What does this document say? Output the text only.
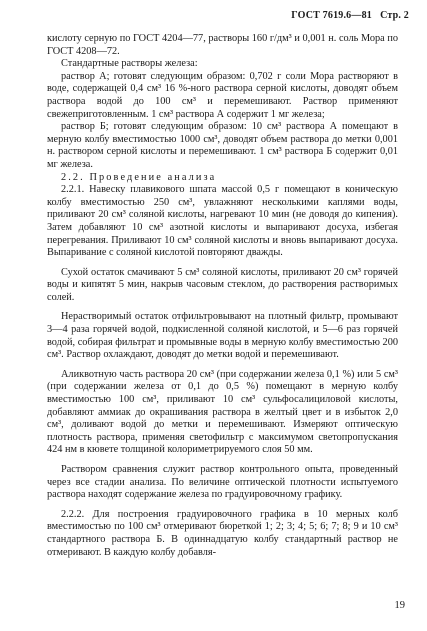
ГОСТ 7619.6—81 Стр. 2

кислоту серную по ГОСТ 4204—77, растворы 160 г/дм³ и 0,001 н. соль Мора по ГОСТ 4208—72.

Стандартные растворы железа:

раствор А; готовят следующим образом: 0,702 г соли Мора растворяют в воде, содержащей 0,4 см³ 16 %-ного раствора серной кислоты, доводят объем раствора водой до 100 см³ и перемешивают. Раствор применяют свежеприготовленным. 1 см³ раствора А содержит 1 мг железа;

раствор Б; готовят следующим образом: 10 см³ раствора А помещают в мерную колбу вместимостью 1000 см³, доводят объем раствора до метки 0,001 н. раствором серной кислоты и перемешивают. 1 см³ раствора Б содержит 0,01 мг железа.

2.2. Проведение анализа

2.2.1. Навеску плавикового шпата массой 0,5 г помещают в коническую колбу вместимостью 250 см³, увлажняют несколькими каплями воды, приливают 20 см³ соляной кислоты, нагревают 10 мин (не доводя до кипения). Затем добавляют 10 см³ азотной кислоты и выпаривают досуха, избегая перегревания. Приливают 10 см³ соляной кислоты и вновь выпаривают досуха. Выпаривание с соляной кислотой повторяют дважды.

Сухой остаток смачивают 5 см³ соляной кислоты, приливают 20 см³ горячей воды и кипятят 5 мин, накрыв часовым стеклом, до растворения растворимых солей.

Нерастворимый остаток отфильтровывают на плотный фильтр, промывают 3—4 раза горячей водой, подкисленной соляной кислотой, и 5—6 раз горячей водой, собирая фильтрат и промывные воды в мерную колбу вместимостью 200 см³. Раствор охлаждают, доводят до метки водой и перемешивают.

Аликвотную часть раствора 20 см³ (при содержании железа 0,1 %) или 5 см³ (при содержании железа от 0,1 до 0,5 %) помещают в мерную колбу вместимостью 100 см³, приливают 10 см³ сульфосалициловой кислоты, добавляют аммиак до окрашивания раствора в желтый цвет и в избыток 2,0 см³, доливают водой до метки и перемешивают. Измеряют оптическую плотность раствора, применяя светофильтр с максимумом светопропускания 424 нм в кювете толщиной колориметрируемого слоя 50 мм.

Раствором сравнения служит раствор контрольного опыта, проведенный через все стадии анализа. По величине оптической плотности испытуемого раствора находят содержание железа по градуировочному графику.

2.2.2. Для построения градуировочного графика в 10 мерных колб вместимостью по 100 см³ отмеривают бюреткой 1; 2; 3; 4; 5; 6; 7; 8; 9 и 10 см³ стандартного раствора Б. В одиннадцатую колбу стандартный раствор не отмеривают. В каждую колбу добавля-

19
